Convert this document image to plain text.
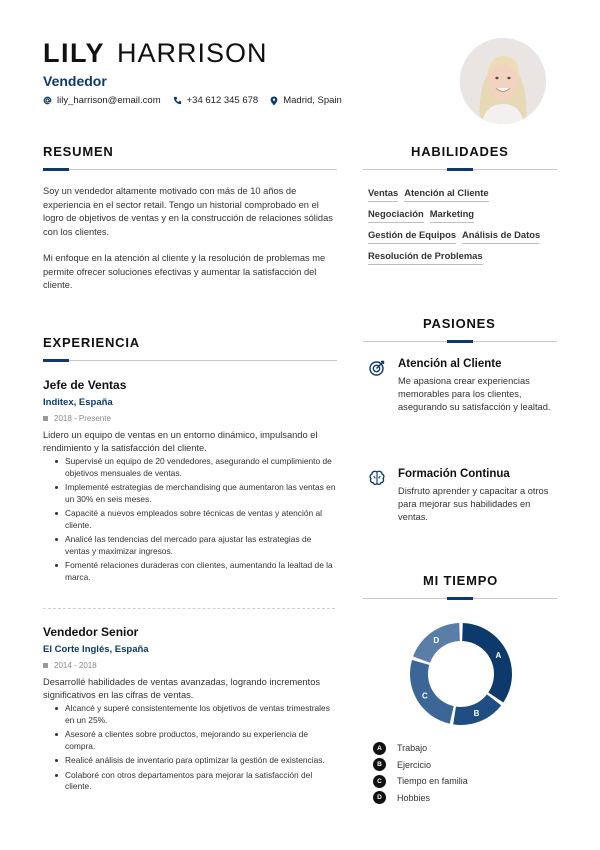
LILY HARRISON
Vendedor
lily_harrison@email.com	+34 612 345 678	Madrid, Spain
RESUMEN
Soy un vendedor altamente motivado con más de 10 años de experiencia en el sector retail. Tengo un historial comprobado en el logro de objetivos de ventas y en la construcción de relaciones sólidas con los clientes.
Mi enfoque en la atención al cliente y la resolución de problemas me permite ofrecer soluciones efectivas y aumentar la satisfacción del cliente.
EXPERIENCIA
Jefe de Ventas
Inditex, España
2018 - Presente
Lidero un equipo de ventas en un entorno dinámico, impulsando el rendimiento y la satisfacción del cliente.
Supervisé un equipo de 20 vendedores, asegurando el cumplimiento de objetivos mensuales de ventas.
Implementé estrategias de merchandising que aumentaron las ventas en un 30% en seis meses.
Capacité a nuevos empleados sobre técnicas de ventas y atención al cliente.
Analicé las tendencias del mercado para ajustar las estrategias de ventas y maximizar ingresos.
Fomenté relaciones duraderas con clientes, aumentando la lealtad de la marca.
Vendedor Senior
El Corte Inglés, España
2014 - 2018
Desarrollé habilidades de ventas avanzadas, logrando incrementos significativos en las cifras de ventas.
Alcancé y superé consistentemente los objetivos de ventas trimestrales en un 25%.
Asesoré a clientes sobre productos, mejorando su experiencia de compra.
Realicé análisis de inventario para optimizar la gestión de existencias.
Colaboré con otros departamentos para mejorar la satisfacción del cliente.
HABILIDADES
Ventas Atención al Cliente
Negociación Marketing
Gestión de Equipos Análisis de Datos
Resolución de Problemas
PASIONES
Atención al Cliente
Me apasiona crear experiencias memorables para los clientes, asegurando su satisfacción y lealtad.
Formación Continua
Disfruto aprender y capacitar a otros para mejorar sus habilidades en ventas.
MI TIEMPO
A
B
C
D
A	Trabajo
B	Ejercicio
C	Tiempo en familia
D	Hobbies
